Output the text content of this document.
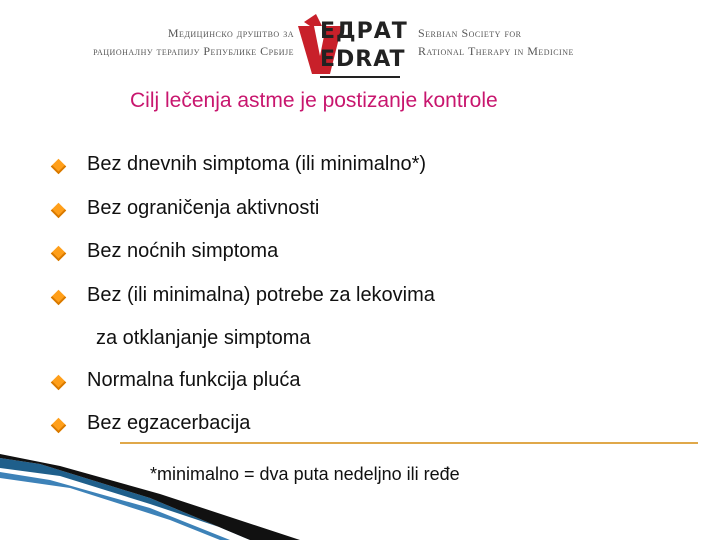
Медицинско друштво за
рационалну терапију Републике Србије
ЕДРАТ
EDRAT
Serbian Society for
Rational Therapy in Medicine
Cilj lečenja astme je postizanje kontrole
Bez dnevnih simptoma (ili minimalno*)
Bez ograničenja aktivnosti
Bez noćnih simptoma
Bez (ili minimalna) potrebe za lekovima
za otklanjanje simptoma
Normalna funkcija pluća
Bez egzacerbacija
*minimalno = dva puta nedeljno ili ređe
